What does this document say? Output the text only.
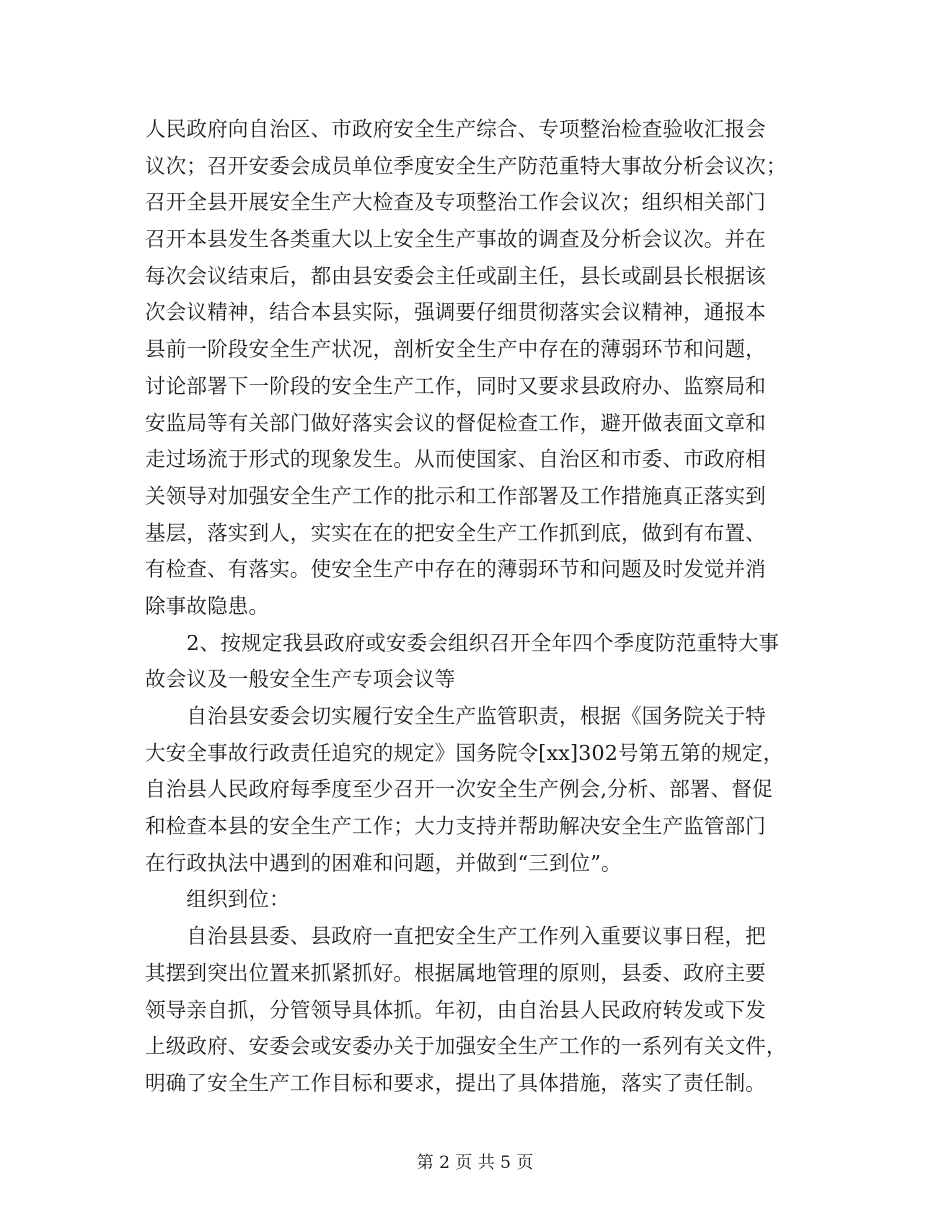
人民政府向自治区、市政府安全生产综合、专项整治检查验收汇报会
议次；召开安委会成员单位季度安全生产防范重特大事故分析会议次；
召开全县开展安全生产大检查及专项整治工作会议次；组织相关部门
召开本县发生各类重大以上安全生产事故的调查及分析会议次。并在
每次会议结束后，都由县安委会主任或副主任，县长或副县长根据该
次会议精神，结合本县实际，强调要仔细贯彻落实会议精神，通报本
县前一阶段安全生产状况，剖析安全生产中存在的薄弱环节和问题，
讨论部署下一阶段的安全生产工作，同时又要求县政府办、监察局和
安监局等有关部门做好落实会议的督促检查工作，避开做表面文章和
走过场流于形式的现象发生。从而使国家、自治区和市委、市政府相
关领导对加强安全生产工作的批示和工作部署及工作措施真正落实到
基层，落实到人，实实在在的把安全生产工作抓到底，做到有布置、
有检查、有落实。使安全生产中存在的薄弱环节和问题及时发觉并消
除事故隐患。
　　2、按规定我县政府或安委会组织召开全年四个季度防范重特大事
故会议及一般安全生产专项会议等
　　自治县安委会切实履行安全生产监管职责，根据《国务院关于特
大安全事故行政责任追究的规定》国务院令[xx]302号第五第的规定，
自治县人民政府每季度至少召开一次安全生产例会,分析、部署、督促
和检查本县的安全生产工作；大力支持并帮助解决安全生产监管部门
在行政执法中遇到的困难和问题，并做到“三到位”。
　　组织到位：
　　自治县县委、县政府一直把安全生产工作列入重要议事日程，把
其摆到突出位置来抓紧抓好。根据属地管理的原则，县委、政府主要
领导亲自抓，分管领导具体抓。年初，由自治县人民政府转发或下发
上级政府、安委会或安委办关于加强安全生产工作的一系列有关文件，
明确了安全生产工作目标和要求，提出了具体措施，落实了责任制。
第 2 页 共 5 页
